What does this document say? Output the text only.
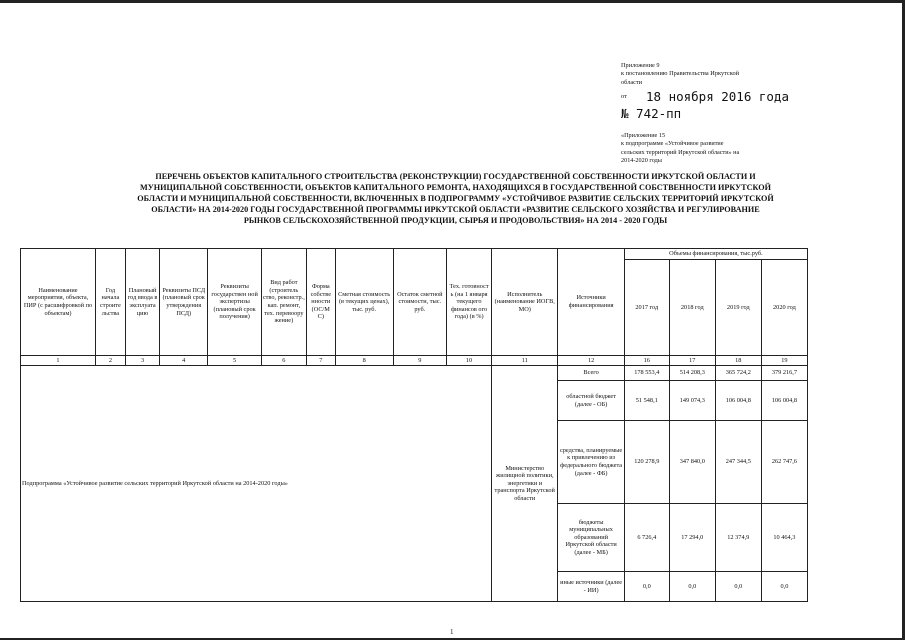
Приложение 9
к постановлению Правительства Иркутской
области
от 18 ноября 2016 года
№ 742-пп
«Приложение 15
к подпрограмме «Устойчивое развитие
сельских территорий Иркутской области» на
2014-2020 годы
ПЕРЕЧЕНЬ ОБЪЕКТОВ КАПИТАЛЬНОГО СТРОИТЕЛЬСТВА (РЕКОНСТРУКЦИИ) ГОСУДАРСТВЕННОЙ СОБСТВЕННОСТИ ИРКУТСКОЙ ОБЛАСТИ И
МУНИЦИПАЛЬНОЙ СОБСТВЕННОСТИ, ОБЪЕКТОВ КАПИТАЛЬНОГО РЕМОНТА, НАХОДЯЩИХСЯ В ГОСУДАРСТВЕННОЙ СОБСТВЕННОСТИ ИРКУТСКОЙ
ОБЛАСТИ И МУНИЦИПАЛЬНОЙ СОБСТВЕННОСТИ, ВКЛЮЧЕННЫХ В ПОДПРОГРАММУ «УСТОЙЧИВОЕ РАЗВИТИЕ СЕЛЬСКИХ ТЕРРИТОРИЙ ИРКУТСКОЙ
ОБЛАСТИ» НА 2014-2020 ГОДЫ ГОСУДАРСТВЕННОЙ ПРОГРАММЫ ИРКУТСКОЙ ОБЛАСТИ «РАЗВИТИЕ СЕЛЬСКОГО ХОЗЯЙСТВА И РЕГУЛИРОВАНИЕ
РЫНКОВ СЕЛЬСКОХОЗЯЙСТВЕННОЙ ПРОДУКЦИИ, СЫРЬЯ И ПРОДОВОЛЬСТВИЯ» НА 2014 - 2020 ГОДЫ
Наименование мероприятия, объекта, ПИР (с расшифровкой по объектам)	Год начала строите льства	Плановый год ввода в эксплуата цию	Реквизиты ПСД (плановый срок утверждения ПСД)	Реквизиты государствен ной экспертизы (плановый срок получения)	Вид работ (строитель ство, реконстр., кап. ремонт, тех. перевоору жение)	Форма собстве нности (ОС/М С)	Сметная стоимость (в текущих ценах), тыс. руб.	Остаток сметной стоимости, тыс. руб.	Тех. готовност ь (на 1 января текущего финансов ого года) (в %)	Исполнитель (наименование ИОГВ, МО)	Источники финансирования	Объемы финансирования, тыс.руб.			
												2017 год	2018 год	2019 год	2020 год
1	2	3	4	5	6	7	8	9	10	11	12	16	17	18	19
Подпрограмма «Устойчивое развитие сельских территорий Иркутской области на 2014-2020 годы»										Министерство жилищной политики, энергетики и транспорта Иркутской области	Всего	178 553,4	514 208,3	365 724,2	379 216,7
											областной бюджет (далее - ОБ)	51 548,1	149 074,3	106 004,8	106 004,8
											средства, планируемые к привлечению из федерального бюджета (далее - ФБ)	120 278,9	347 840,0	247 344,5	262 747,6
											бюджеты муниципальных образований Иркутской области (далее - МБ)	6 726,4	17 294,0	12 374,9	10 464,3
											иные источники (далее - ИИ)	0,0	0,0	0,0	0,0
1
